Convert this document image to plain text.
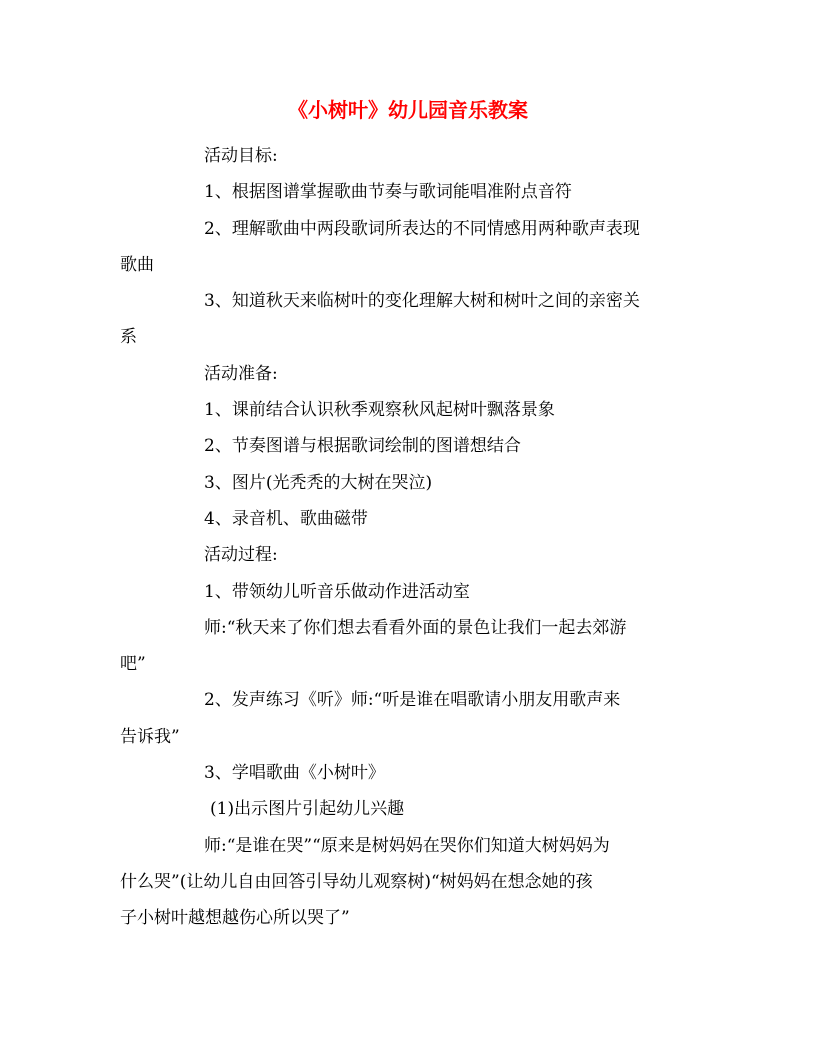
《小树叶》幼儿园音乐教案

活动目标:

1、根据图谱掌握歌曲节奏与歌词能唱准附点音符

2、理解歌曲中两段歌词所表达的不同情感用两种歌声表现

歌曲

3、知道秋天来临树叶的变化理解大树和树叶之间的亲密关

系

活动准备:

1、课前结合认识秋季观察秋风起树叶飘落景象

2、节奏图谱与根据歌词绘制的图谱想结合

3、图片(光秃秃的大树在哭泣)

4、录音机、歌曲磁带

活动过程:

1、带领幼儿听音乐做动作进活动室

师:“秋天来了你们想去看看外面的景色让我们一起去郊游

吧”

2、发声练习《听》师:“听是谁在唱歌请小朋友用歌声来

告诉我”

3、学唱歌曲《小树叶》

(1)出示图片引起幼儿兴趣

师:“是谁在哭”“原来是树妈妈在哭你们知道大树妈妈为

什么哭”(让幼儿自由回答引导幼儿观察树)“树妈妈在想念她的孩

子小树叶越想越伤心所以哭了”
